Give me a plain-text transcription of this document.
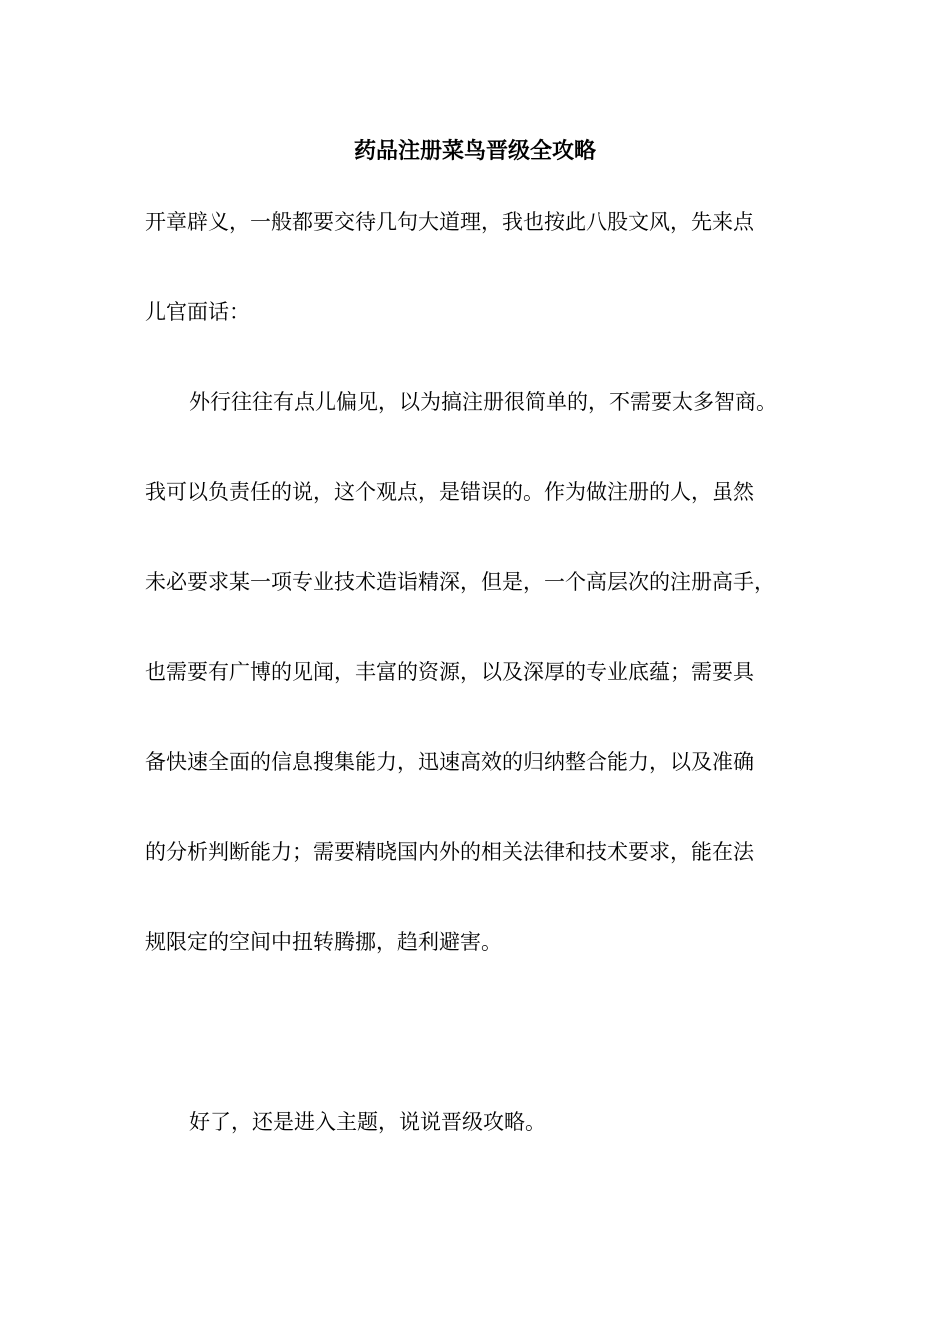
药品注册菜鸟晋级全攻略
开章辟义，一般都要交待几句大道理，我也按此八股文风，先来点
儿官面话：
外行往往有点儿偏见，以为搞注册很简单的，不需要太多智商。
我可以负责任的说，这个观点，是错误的。作为做注册的人，虽然
未必要求某一项专业技术造诣精深，但是，一个高层次的注册高手，
也需要有广博的见闻，丰富的资源，以及深厚的专业底蕴；需要具
备快速全面的信息搜集能力，迅速高效的归纳整合能力，以及准确
的分析判断能力；需要精晓国内外的相关法律和技术要求，能在法
规限定的空间中扭转腾挪，趋利避害。
好了，还是进入主题，说说晋级攻略。
